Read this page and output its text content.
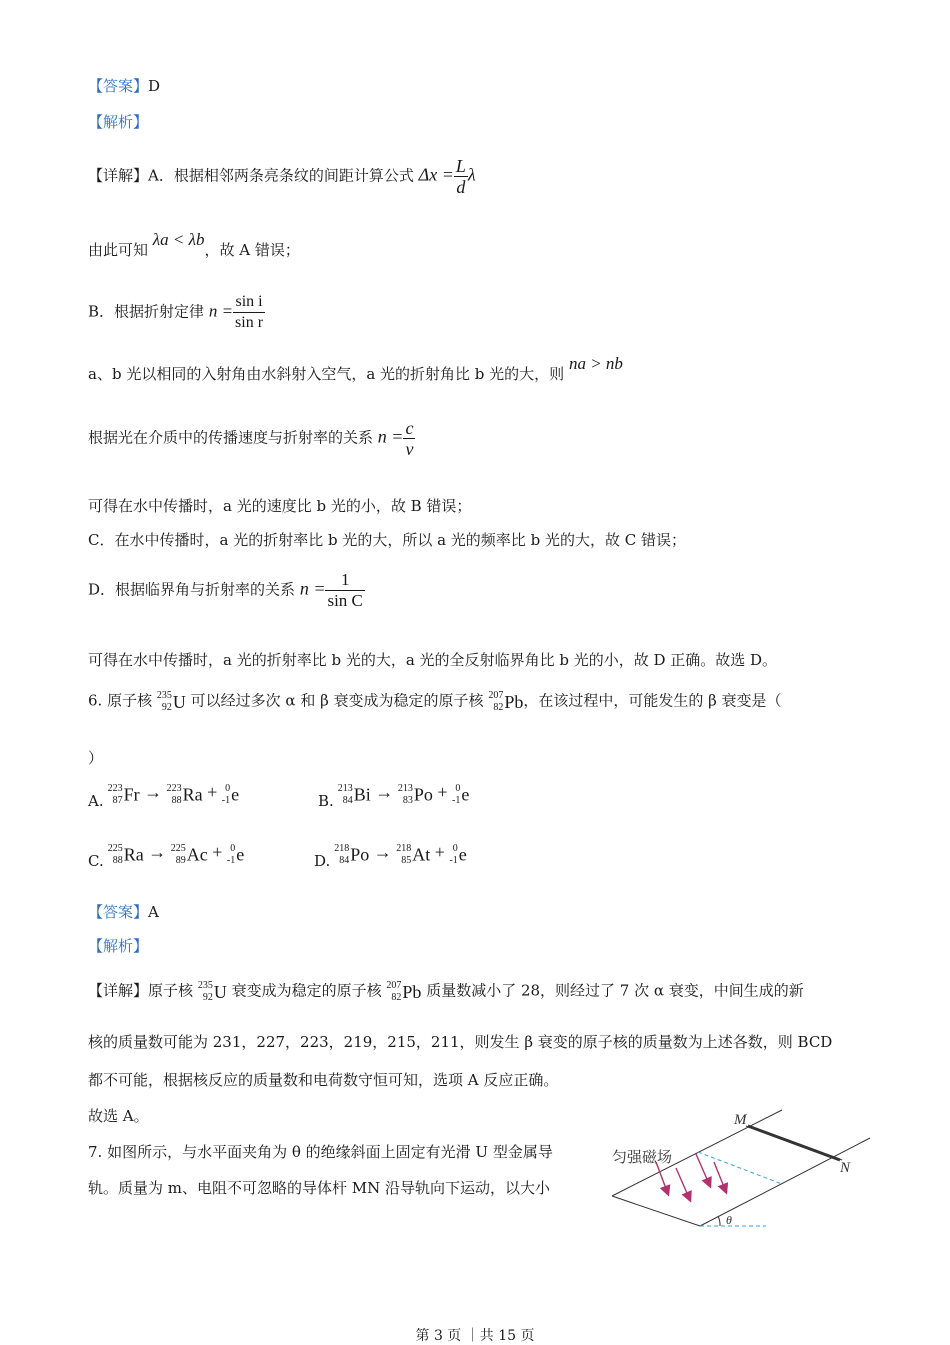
【答案】D
【解析】
【详解】A．根据相邻两条亮条纹的间距计算公式 $\Delta x = \frac{L}{d}$ λ
由此可知 λa < λb，故 A 错误；
B．根据折射定律 $n = \frac{\text{sin i}}{\text{sin r}}$
a、b 光以相同的入射角由水斜射入空气，a 光的折射角比 b 光的大，则 na > nb
根据光在介质中的传播速度与折射率的关系 $n = \frac{c}{v}$
可得在水中传播时，a 光的速度比 b 光的小，故 B 错误；
C．在水中传播时，a 光的折射率比 b 光的大，所以 a 光的频率比 b 光的大，故 C 错误；
D．根据临界角与折射率的关系 $n = \frac{1}{\text{sin C}}$
可得在水中传播时，a 光的折射率比 b 光的大，a 光的全反射临界角比 b 光的小，故 D 正确。故选 D。
6. 原子核 235
92 U 可以经过多次 α 和 β 衰变成为稳定的原子核 207
82 Pb，在该过程中，可能发生的 β 衰变是（
）
A.
223
87 Fr → 223
88 Ra + 0
-1 e	B.
213
84 Bi → 213
83 Po + 0
-1 e
C.
225
88 Ra → 225
89 Ac + 0
-1 e	D.
218
84 Po → 218
85 At + 0
-1 e
【答案】A
【解析】
【详解】原子核 235
92 U 衰变成为稳定的原子核 207
82 Pb 质量数减小了 28，则经过了 7 次 α 衰变，中间生成的新
核的质量数可能为 231，227，223，219，215，211，则发生 β 衰变的原子核的质量数为上述各数，则 BCD
都不可能，根据核反应的质量数和电荷数守恒可知，选项 A 反应正确。
故选 A。
7. 如图所示，与水平面夹角为 θ 的绝缘斜面上固定有光滑 U 型金属导
轨。质量为 m、电阻不可忽略的导体杆 MN 沿导轨向下运动，以大小
匀强磁场
M
N
θ
第 3 页 ｜共 15 页
